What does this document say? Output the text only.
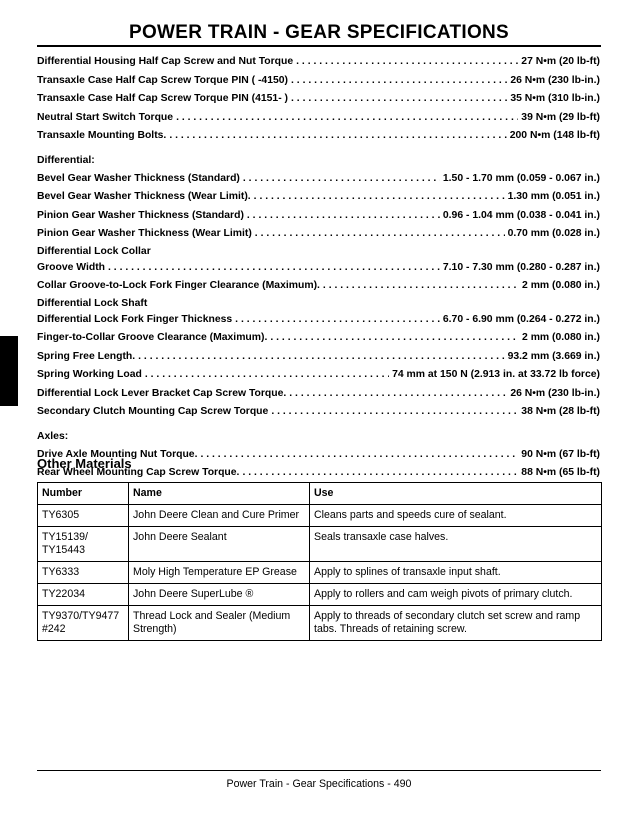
POWER TRAIN - GEAR SPECIFICATIONS
Differential Housing Half Cap Screw and Nut Torque . . .	27 N•m (20 lb-ft)
Transaxle Case Half Cap Screw Torque PIN ( -4150) . . .	26 N•m (230 lb-in.)
Transaxle Case Half Cap Screw Torque PIN (4151- ) . . .	35 N•m (310 lb-in.)
Neutral Start Switch Torque . . .	39 N•m (29 lb-ft)
Transaxle Mounting Bolts. . . .	200 N•m (148 lb-ft)
Differential:
Bevel Gear Washer Thickness (Standard) . . .	1.50 - 1.70 mm (0.059 - 0.067 in.)
Bevel Gear Washer Thickness (Wear Limit). . . .	1.30 mm (0.051 in.)
Pinion Gear Washer Thickness (Standard) . . .	0.96 - 1.04 mm (0.038 - 0.041 in.)
Pinion Gear Washer Thickness (Wear Limit) . . .	0.70 mm (0.028 in.)
Differential Lock Collar
Groove Width . . .	7.10 - 7.30 mm (0.280 - 0.287 in.)
Collar Groove-to-Lock Fork Finger Clearance (Maximum). . . .	2 mm (0.080 in.)
Differential Lock Shaft
Differential Lock Fork Finger Thickness . . .	6.70 - 6.90 mm (0.264 - 0.272 in.)
Finger-to-Collar Groove Clearance (Maximum). . . .	2 mm (0.080 in.)
Spring Free Length. . . .	93.2 mm (3.669 in.)
Spring Working Load . . .	74 mm at 150 N (2.913 in. at 33.72 lb force)
Differential Lock Lever Bracket Cap Screw Torque. . . .	26 N•m (230 lb-in.)
Secondary Clutch Mounting Cap Screw Torque . . .	38 N•m (28 lb-ft)
Axles:
Drive Axle Mounting Nut Torque. . . .	90 N•m (67 lb-ft)
Rear Wheel Mounting Cap Screw Torque. . . .	88 N•m (65 lb-ft)
Other Materials
Number	Name	Use
TY6305	John Deere Clean and Cure Primer	Cleans parts and speeds cure of sealant.
TY15139/
TY15443	John Deere Sealant	Seals transaxle case halves.
TY6333	Moly High Temperature EP Grease	Apply to splines of transaxle input shaft.
TY22034	John Deere SuperLube ®	Apply to rollers and cam weigh pivots of primary clutch.
TY9370/TY9477
#242	Thread Lock and Sealer (Medium Strength)	Apply to threads of secondary clutch set screw and ramp tabs. Threads of retaining screw.
Power Train - Gear Specifications - 490
